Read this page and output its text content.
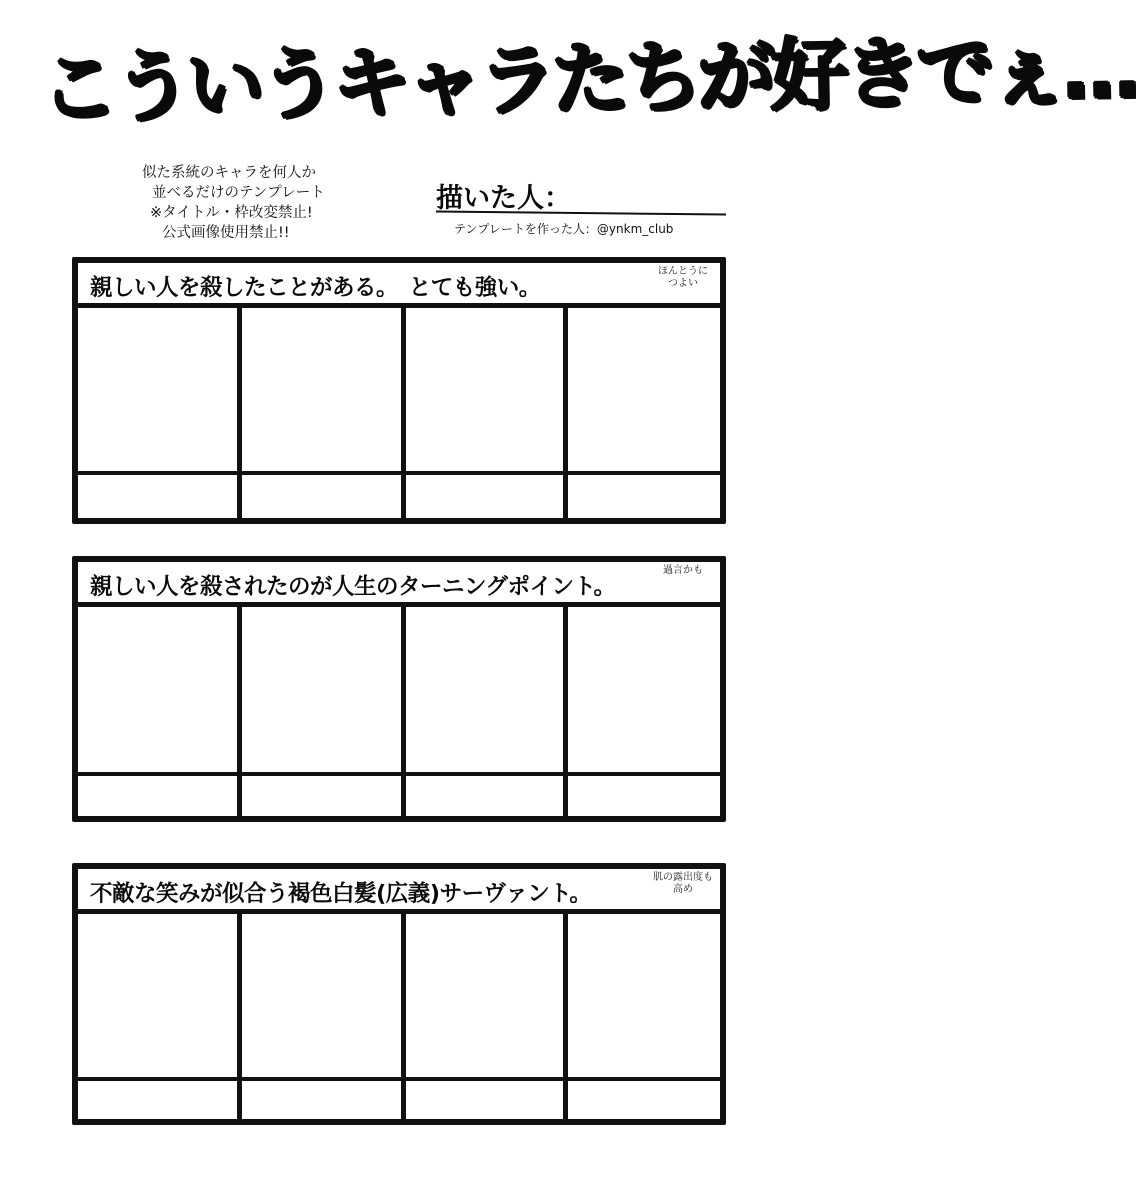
こういうキャラたちが好きでぇ…
似た系統のキャラを何人か
並べるだけのテンプレート
※タイトル・枠改変禁止!
公式画像使用禁止!!
描いた人：
テンプレートを作った人：@ynkm_club
親しい人を殺したことがある。　とても強い。
ほんとうに
つよい
親しい人を殺されたのが人生のターニングポイント。
過言かも
不敵な笑みが似合う褐色白髪(広義)サーヴァント。
肌の露出度も
高め
